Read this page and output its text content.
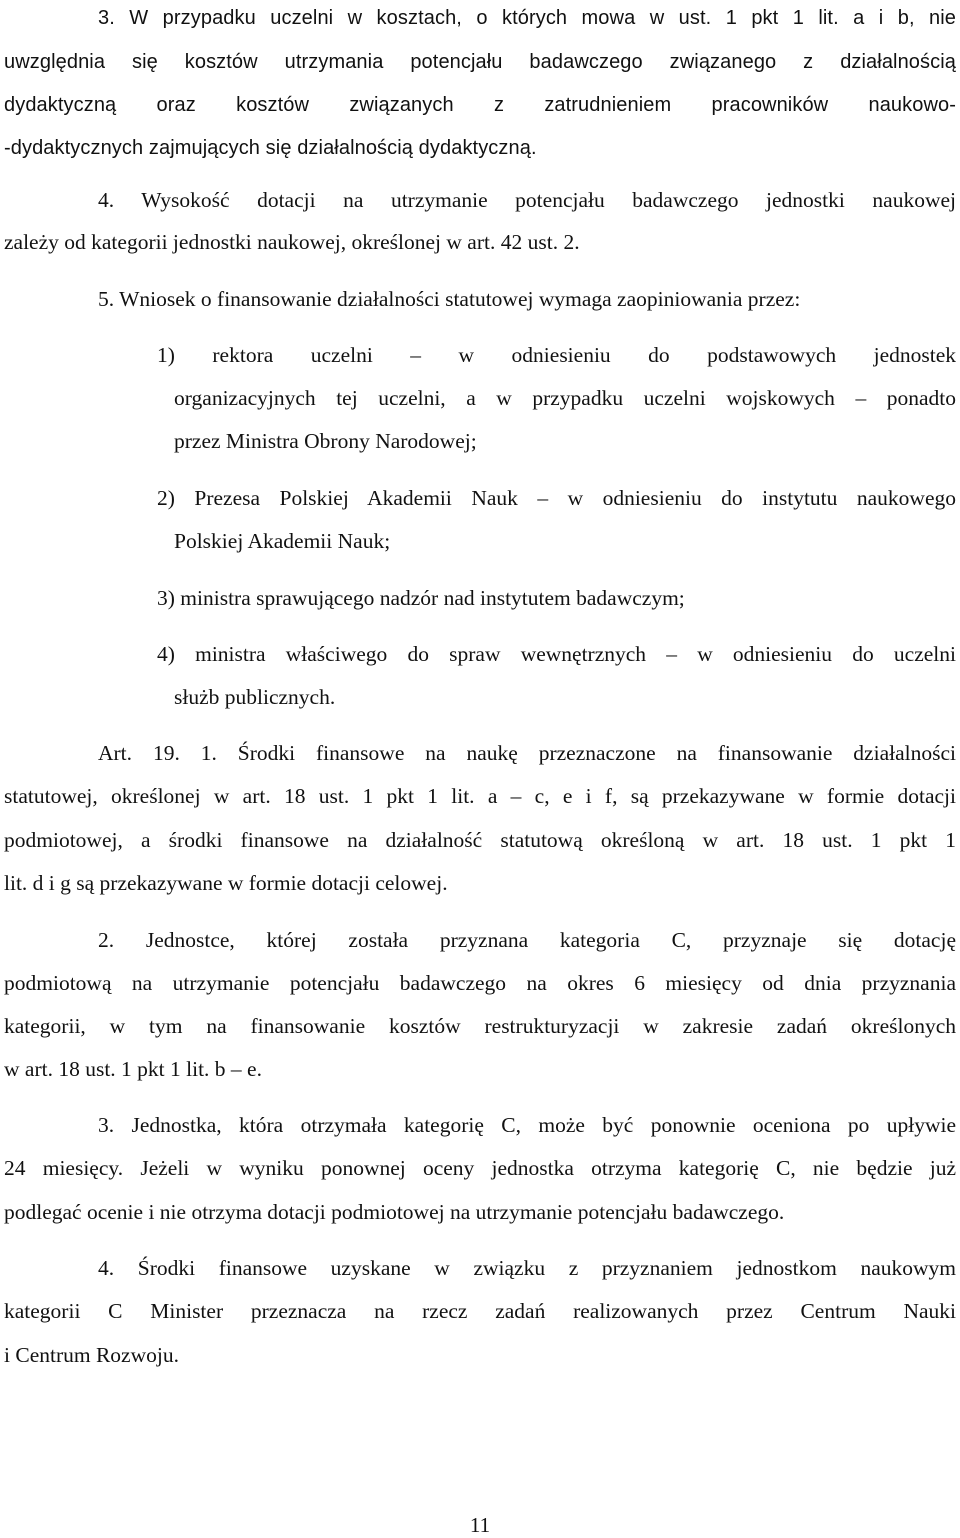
3. W przypadku uczelni w kosztach, o których mowa w ust. 1 pkt 1 lit. a i b, nie
uwzględnia się kosztów utrzymania potencjału badawczego związanego z działalnością
dydaktyczną oraz kosztów związanych z zatrudnieniem pracowników naukowo-
-dydaktycznych zajmujących się działalnością dydaktyczną.
4. Wysokość dotacji na utrzymanie potencjału badawczego jednostki naukowej
zależy od kategorii jednostki naukowej, określonej w art. 42 ust. 2.
5. Wniosek o finansowanie działalności statutowej wymaga zaopiniowania przez:
1) rektora uczelni – w odniesieniu do podstawowych jednostek
organizacyjnych tej uczelni, a w przypadku uczelni wojskowych – ponadto
przez Ministra Obrony Narodowej;
2) Prezesa Polskiej Akademii Nauk – w odniesieniu do instytutu naukowego
Polskiej Akademii Nauk;
3) ministra sprawującego nadzór nad instytutem badawczym;
4) ministra właściwego do spraw wewnętrznych – w odniesieniu do uczelni
służb publicznych.
Art. 19. 1. Środki finansowe na naukę przeznaczone na finansowanie działalności
statutowej, określonej w art. 18 ust. 1 pkt 1 lit. a – c, e i f, są przekazywane w formie dotacji
podmiotowej, a środki finansowe na działalność statutową określoną w art. 18 ust. 1 pkt 1
lit. d i g są przekazywane w formie dotacji celowej.
2. Jednostce, której została przyznana kategoria C, przyznaje się dotację
podmiotową na utrzymanie potencjału badawczego na okres 6 miesięcy od dnia przyznania
kategorii, w tym na finansowanie kosztów restrukturyzacji w zakresie zadań określonych
w art. 18 ust. 1 pkt 1 lit. b – e.
3. Jednostka, która otrzymała kategorię C, może być ponownie oceniona po upływie
24 miesięcy. Jeżeli w wyniku ponownej oceny jednostka otrzyma kategorię C, nie będzie już
podlegać ocenie i nie otrzyma dotacji podmiotowej na utrzymanie potencjału badawczego.
4. Środki finansowe uzyskane w związku z przyznaniem jednostkom naukowym
kategorii C Minister przeznacza na rzecz zadań realizowanych przez Centrum Nauki
i Centrum Rozwoju.
11
